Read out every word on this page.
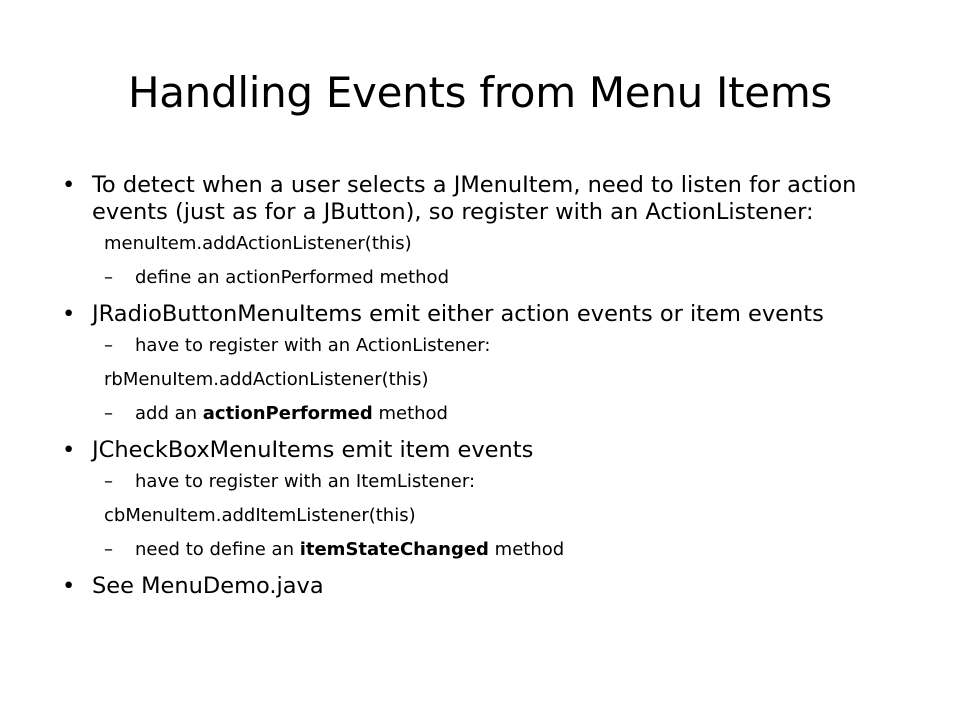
Handling Events from Menu Items
• To detect when a user selects a JMenuItem, need to listen for action events (just as for a JButton), so register with an ActionListener:
menuItem.addActionListener(this)
– define an actionPerformed method
• JRadioButtonMenuItems emit either action events or item events
– have to register with an ActionListener:
rbMenuItem.addActionListener(this)
– add an actionPerformed method
• JCheckBoxMenuItems emit item events
– have to register with an ItemListener:
cbMenuItem.addItemListener(this)
– need to define an itemStateChanged method
• See MenuDemo.java
